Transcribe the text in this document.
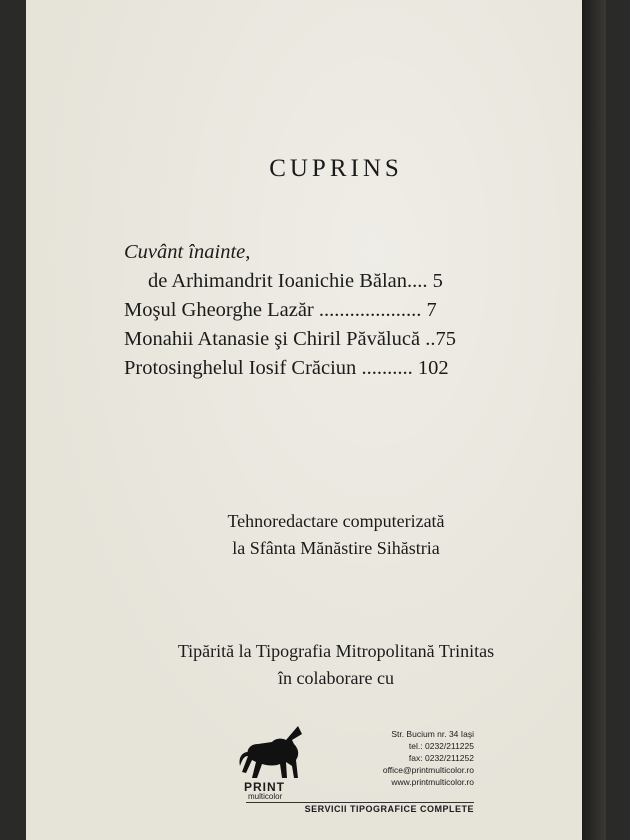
CUPRINS
Cuvânt înainte,
de Arhimandrit Ioanichie Bălan.... 5
Moşul Gheorghe Lazăr .................... 7
Monahii Atanasie şi Chiril Păvălucă ..75
Protosinghelul Iosif Crăciun .......... 102
Tehnoredactare computerizată
la Sfânta Mănăstire Sihăstria
Tipărită la Tipografia Mitropolitană Trinitas
în colaborare cu
PRINT
multicolor
Str. Bucium nr. 34 Iaşi
tel.: 0232/211225
fax: 0232/211252
office@printmulticolor.ro
www.printmulticolor.ro
SERVICII TIPOGRAFICE COMPLETE
